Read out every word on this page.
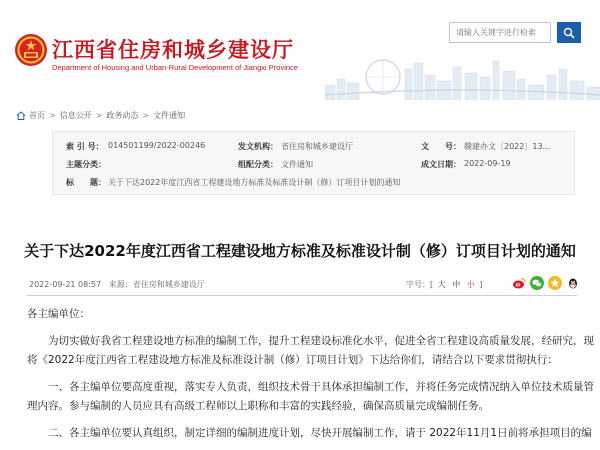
江西省住房和城乡建设厅
Department of Housing and Urban-Rural Development of Jiangxi Province
请输入关键字进行检索
首页 > 信息公开 > 政务动态 > 文件通知
索 引 号： 014501199/2022-00246	发文机构： 省住房和城乡建设厅	文　　号： 赣建办文〔2022〕13...
主题分类：	组配分类： 文件通知	成文日期： 2022-09-19
标　　题： 关于下达2022年度江西省工程建设地方标准及标准设计制（修）订项目计划的通知
关于下达2022年度江西省工程建设地方标准及标准设计制（修）订项目计划的通知
2022-09-21 08:57 来源：省住房和城乡建设厅	字号：[ 大 中 小 ]
各主编单位：
为切实做好我省工程建设地方标准的编制工作，提升工程建设标准化水平，促进全省工程建设高质量发展，经研究，现
将《2022年度江西省工程建设地方标准及标准设计制（修）订项目计划》下达给你们，请结合以下要求贯彻执行：
一、各主编单位要高度重视，落实专人负责，组织技术骨干具体承担编制工作，并将任务完成情况纳入单位技术质量管
理内容。参与编制的人员应具有高级工程师以上职称和丰富的实践经验，确保高质量完成编制任务。
二、各主编单位要认真组织，制定详细的编制进度计划，尽快开展编制工作，请于 2022年11月1日前将承担项目的编
